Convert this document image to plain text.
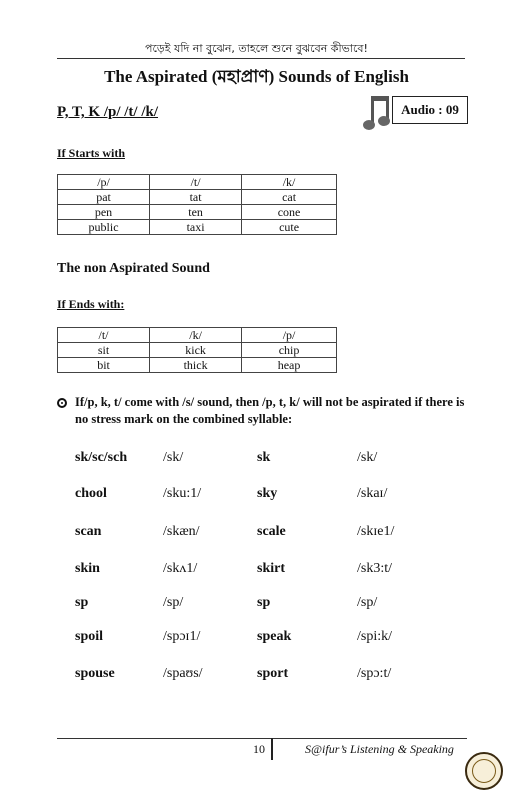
পড়েই যদি না বুঝেন, তাহলে শুনে বুঝবেন কীভাবে!
The Aspirated (মহাপ্রাণ) Sounds of English
P, T, K /p/ /t/ /k/	Audio : 09
If Starts with
/p/	/t/	/k/
pat	tat	cat
pen	ten	cone
public	taxi	cute
The non Aspirated Sound
If Ends with:
/t/	/k/	/p/
sit	kick	chip
bit	thick	heap
If/p, k, t/ come with /s/ sound, then /p, t, k/ will not be aspirated if there is no stress mark on the combined syllable:
sk/sc/sch	/sk/	sk	/sk/
chool	/sku:1/	sky	/skaɪ/
scan	/skæn/	scale	/skɪe1/
skin	/skʌ1/	skirt	/sk3:t/
sp	/sp/	sp	/sp/
spoil	/spɔɪ1/	speak	/spi:k/
spouse	/spaʊs/	sport	/spɔ:t/
10	S@ifur’s Listening & Speaking
